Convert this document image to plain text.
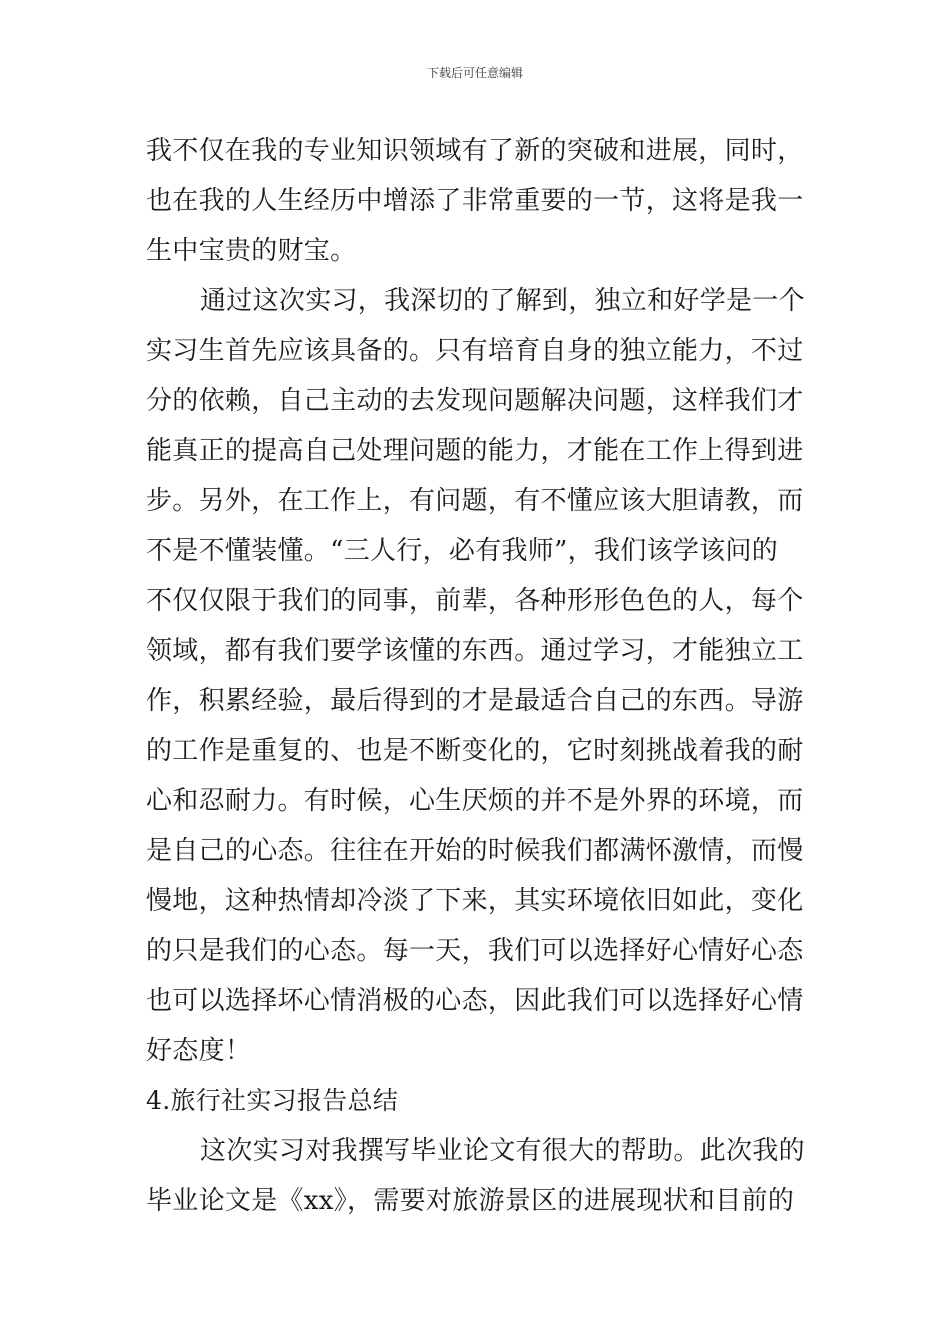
下载后可任意编辑
我不仅在我的专业知识领域有了新的突破和进展，同时，
也在我的人生经历中增添了非常重要的一节，这将是我一
生中宝贵的财宝。
通过这次实习，我深切的了解到，独立和好学是一个
实习生首先应该具备的。只有培育自身的独立能力，不过
分的依赖，自己主动的去发现问题解决问题，这样我们才
能真正的提高自己处理问题的能力，才能在工作上得到进
步。另外，在工作上，有问题，有不懂应该大胆请教，而
不是不懂装懂。“三人行，必有我师”，我们该学该问的
不仅仅限于我们的同事，前辈，各种形形色色的人，每个
领域，都有我们要学该懂的东西。通过学习，才能独立工
作，积累经验，最后得到的才是最适合自己的东西。导游
的工作是重复的、也是不断变化的，它时刻挑战着我的耐
心和忍耐力。有时候，心生厌烦的并不是外界的环境，而
是自己的心态。往往在开始的时候我们都满怀激情，而慢
慢地，这种热情却冷淡了下来，其实环境依旧如此，变化
的只是我们的心态。每一天，我们可以选择好心情好心态
也可以选择坏心情消极的心态，因此我们可以选择好心情
好态度！
4.旅行社实习报告总结
这次实习对我撰写毕业论文有很大的帮助。此次我的
毕业论文是《xx》，需要对旅游景区的进展现状和目前的
